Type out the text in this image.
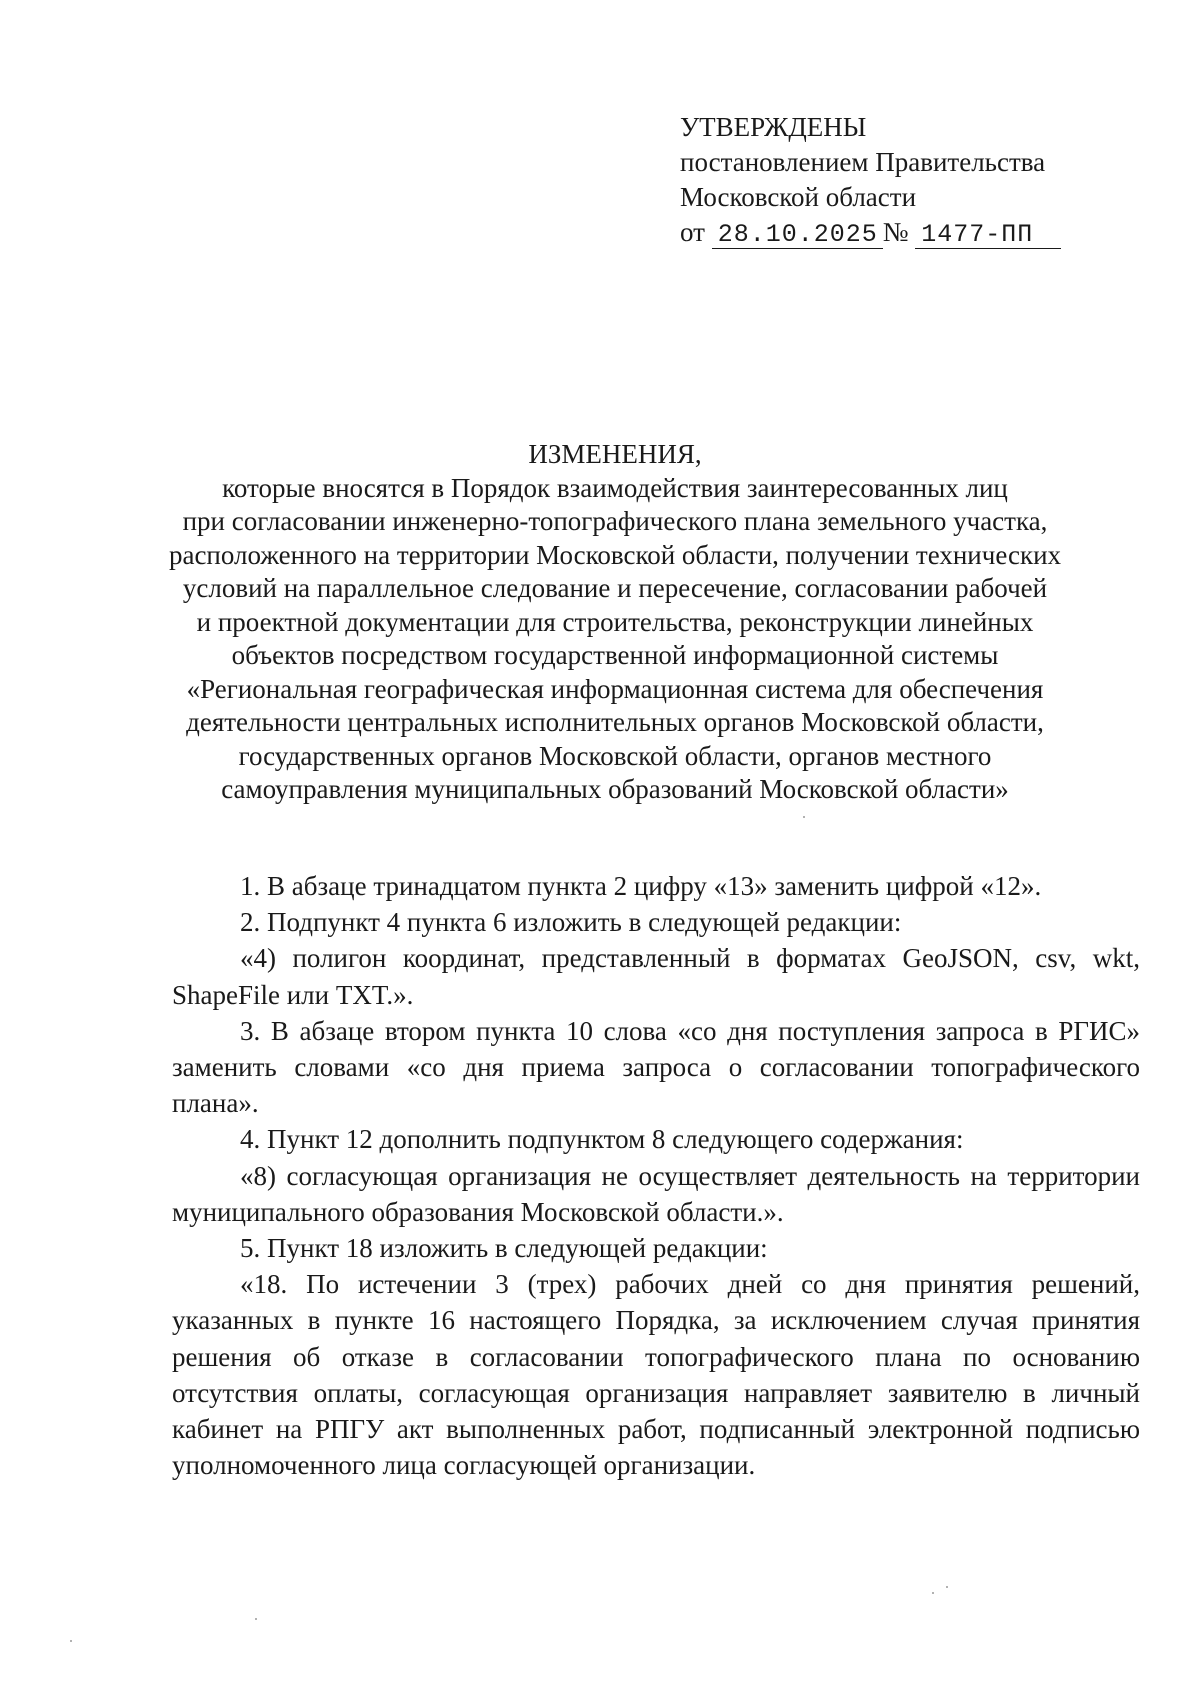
УТВЕРЖДЕНЫ
постановлением Правительства
Московской области
от 28.10.2025 № 1477-ПП
ИЗМЕНЕНИЯ,
которые вносятся в Порядок взаимодействия заинтересованных лиц
при согласовании инженерно-топографического плана земельного участка,
расположенного на территории Московской области, получении технических
условий на параллельное следование и пересечение, согласовании рабочей
и проектной документации для строительства, реконструкции линейных
объектов посредством государственной информационной системы
«Региональная географическая информационная система для обеспечения
деятельности центральных исполнительных органов Московской области,
государственных органов Московской области, органов местного
самоуправления муниципальных образований Московской области»

1. В абзаце тринадцатом пункта 2 цифру «13» заменить цифрой «12».

2. Подпункт 4 пункта 6 изложить в следующей редакции:

«4) полигон координат, представленный в форматах GeoJSON, csv, wkt, ShapeFile или TXT.».

3. В абзаце втором пункта 10 слова «со дня поступления запроса в РГИС» заменить словами «со дня приема запроса о согласовании топографического плана».

4. Пункт 12 дополнить подпунктом 8 следующего содержания:

«8) согласующая организация не осуществляет деятельность на территории муниципального образования Московской области.».

5. Пункт 18 изложить в следующей редакции:

«18. По истечении 3 (трех) рабочих дней со дня принятия решений, указанных в пункте 16 настоящего Порядка, за исключением случая принятия решения об отказе в согласовании топографического плана по основанию отсутствия оплаты, согласующая организация направляет заявителю в личный кабинет на РПГУ акт выполненных работ, подписанный электронной подписью уполномоченного лица согласующей организации.
